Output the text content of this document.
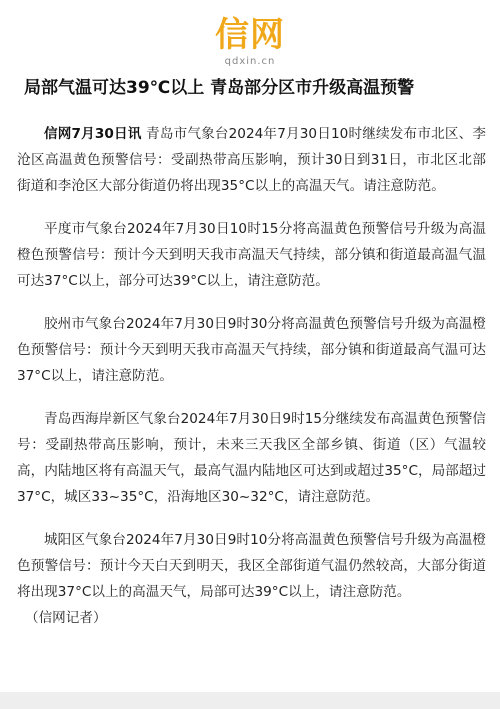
信网
qdxin.cn
局部气温可达39℃以上 青岛部分区市升级高温预警

信网7月30日讯 青岛市气象台2024年7月30日10时继续发布市北区、李沧区高温黄色预警信号：受副热带高压影响，预计30日到31日，市北区北部街道和李沧区大部分街道仍将出现35°C以上的高温天气。请注意防范。

平度市气象台2024年7月30日10时15分将高温黄色预警信号升级为高温橙色预警信号：预计今天到明天我市高温天气持续，部分镇和街道最高温气温可达37°C以上，部分可达39°C以上，请注意防范。

胶州市气象台2024年7月30日9时30分将高温黄色预警信号升级为高温橙色预警信号：预计今天到明天我市高温天气持续，部分镇和街道最高气温可达37°C以上，请注意防范。

青岛西海岸新区气象台2024年7月30日9时15分继续发布高温黄色预警信号：受副热带高压影响，预计，未来三天我区全部乡镇、街道（区）气温较高，内陆地区将有高温天气，最高气温内陆地区可达到或超过35°C，局部超过37°C，城区33~35°C，沿海地区30~32°C，请注意防范。

城阳区气象台2024年7月30日9时10分将高温黄色预警信号升级为高温橙色预警信号：预计今天白天到明天，我区全部街道气温仍然较高，大部分街道将出现37°C以上的高温天气，局部可达39°C以上，请注意防范。

（信网记者）
